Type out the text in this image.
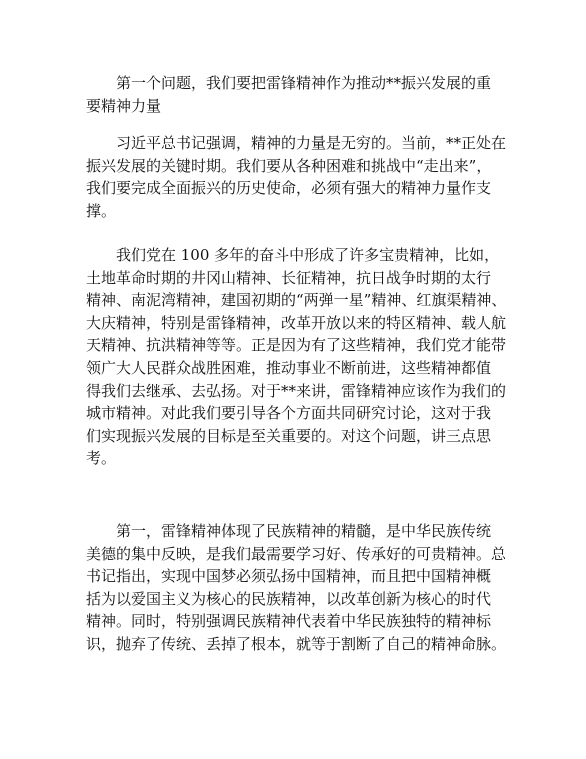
第一个问题，我们要把雷锋精神作为推动**振兴发展的重
要精神力量
习近平总书记强调，精神的力量是无穷的。当前，**正处在
振兴发展的关键时期。我们要从各种困难和挑战中“走出来”，
我们要完成全面振兴的历史使命，必须有强大的精神力量作支
撑。
我们党在 100 多年的奋斗中形成了许多宝贵精神，比如，
土地革命时期的井冈山精神、长征精神，抗日战争时期的太行
精神、南泥湾精神，建国初期的“两弹一星”精神、红旗渠精神、
大庆精神，特别是雷锋精神，改革开放以来的特区精神、载人航
天精神、抗洪精神等等。正是因为有了这些精神，我们党才能带
领广大人民群众战胜困难，推动事业不断前进，这些精神都值
得我们去继承、去弘扬。对于**来讲，雷锋精神应该作为我们的
城市精神。对此我们要引导各个方面共同研究讨论，这对于我
们实现振兴发展的目标是至关重要的。对这个问题，讲三点思
考。
第一，雷锋精神体现了民族精神的精髓，是中华民族传统
美德的集中反映，是我们最需要学习好、传承好的可贵精神。总
书记指出，实现中国梦必须弘扬中国精神，而且把中国精神概
括为以爱国主义为核心的民族精神，以改革创新为核心的时代
精神。同时，特别强调民族精神代表着中华民族独特的精神标
识，抛弃了传统、丢掉了根本，就等于割断了自己的精神命脉。
